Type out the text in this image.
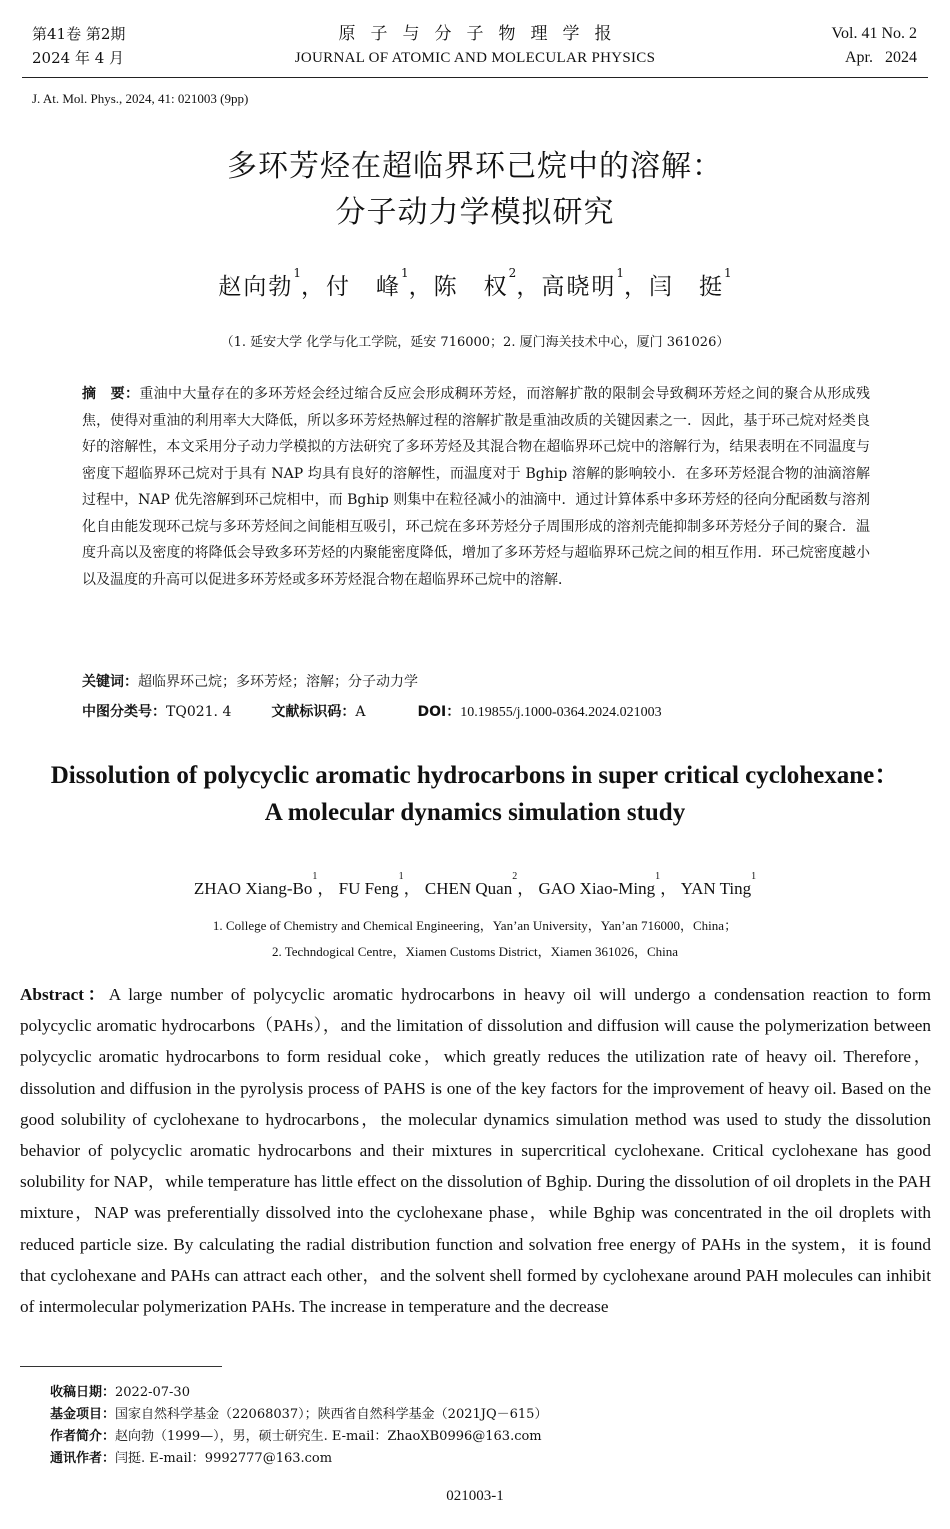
第41卷 第2期
2024 年 4 月
原子与分子物理学报
JOURNAL OF ATOMIC AND MOLECULAR PHYSICS
Vol. 41 No. 2
Apr.   2024
J. At. Mol. Phys., 2024, 41: 021003 (9pp)
多环芳烃在超临界环己烷中的溶解：
分子动力学模拟研究
赵向勃$^1$，付　峰$^1$，陈　权$^2$，高晓明$^1$，闫　挺$^1$
（1. 延安大学 化学与化工学院，延安 716000；2. 厦门海关技术中心，厦门 361026）
摘　要：重油中大量存在的多环芳烃会经过缩合反应会形成稠环芳烃，而溶解扩散的限制会导致稠环芳烃之间的聚合从形成残焦，使得对重油的利用率大大降低，所以多环芳烃热解过程的溶解扩散是重油改质的关键因素之一．因此，基于环己烷对烃类良好的溶解性，本文采用分子动力学模拟的方法研究了多环芳烃及其混合物在超临界环己烷中的溶解行为，结果表明在不同温度与密度下超临界环己烷对于具有 NAP 均具有良好的溶解性，而温度对于 Bghip 溶解的影响较小．在多环芳烃混合物的油滴溶解过程中，NAP 优先溶解到环己烷相中，而 Bghip 则集中在粒径减小的油滴中．通过计算体系中多环芳烃的径向分配函数与溶剂化自由能发现环己烷与多环芳烃间之间能相互吸引，环己烷在多环芳烃分子周围形成的溶剂壳能抑制多环芳烃分子间的聚合．温度升高以及密度的将降低会导致多环芳烃的内聚能密度降低，增加了多环芳烃与超临界环己烷之间的相互作用．环己烷密度越小以及温度的升高可以促进多环芳烃或多环芳烃混合物在超临界环己烷中的溶解．
关键词：超临界环己烷；多环芳烃；溶解；分子动力学
中图分类号：TQ021. 4	文献标识码：A	DOI：10.19855/j.1000-0364.2024.021003
Dissolution of polycyclic aromatic hydrocarbons in super critical cyclohexane：
A molecular dynamics simulation study
ZHAO Xiang-Bo$^1$， FU Feng$^1$， CHEN Quan$^2$， GAO Xiao-Ming$^1$， YAN Ting$^1$
1. College of Chemistry and Chemical Engineering，Yan’an University，Yan’an 716000，China；
2. Techndogical Centre，Xiamen Customs District，Xiamen 361026，China
Abstract：A large number of polycyclic aromatic hydrocarbons in heavy oil will undergo a condensation reaction to form polycyclic aromatic hydrocarbons（PAHs），and the limitation of dissolution and diffusion will cause the polymerization between polycyclic aromatic hydrocarbons to form residual coke，which greatly reduces the utilization rate of heavy oil. Therefore，dissolution and diffusion in the pyrolysis process of PAHS is one of the key factors for the improvement of heavy oil. Based on the good solubility of cyclohexane to hydrocarbons，the molecular dynamics simulation method was used to study the dissolution behavior of polycyclic aromatic hydrocarbons and their mixtures in supercritical cyclohexane. Critical cyclohexane has good solubility for NAP，while temperature has little effect on the dissolution of Bghip. During the dissolution of oil droplets in the PAH mixture，NAP was preferentially dissolved into the cyclohexane phase，while Bghip was concentrated in the oil droplets with reduced particle size. By calculating the radial distribution function and solvation free energy of PAHs in the system，it is found that cyclohexane and PAHs can attract each other，and the solvent shell formed by cyclohexane around PAH molecules can inhibit of intermolecular polymerization PAHs. The increase in temperature and the decrease
收稿日期：2022-07-30
基金项目：国家自然科学基金（22068037）；陕西省自然科学基金（2021JQ－615）
作者简介：赵向勃（1999—），男，硕士研究生. E-mail：ZhaoXB0996@163.com
通讯作者：闫挺. E-mail：9992777@163.com
021003-1
